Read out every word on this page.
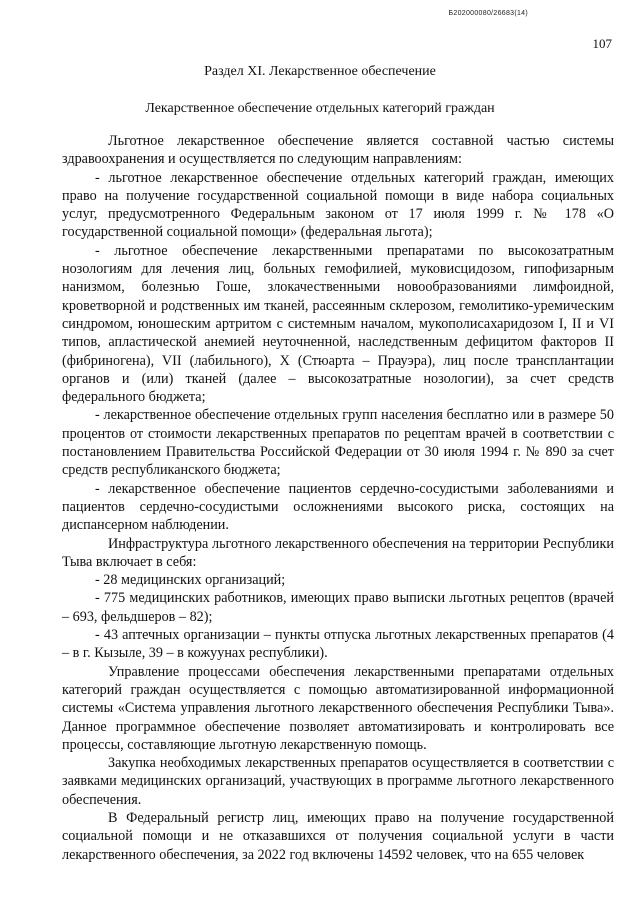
Б202000080/26683(14)
107
Раздел XI. Лекарственное обеспечение
Лекарственное обеспечение отдельных категорий граждан

Льготное лекарственное обеспечение является составной частью системы здравоохранения и осуществляется по следующим направлениям:

- льготное лекарственное обеспечение отдельных категорий граждан, имеющих право на получение государственной социальной помощи в виде набора социальных услуг, предусмотренного Федеральным законом от 17 июля 1999 г. № 178 «О государственной социальной помощи» (федеральная льгота);

- льготное обеспечение лекарственными препаратами по высокозатратным нозологиям для лечения лиц, больных гемофилией, муковисцидозом, гипофизарным нанизмом, болезнью Гоше, злокачественными новообразованиями лимфоидной, кроветворной и родственных им тканей, рассеянным склерозом, гемолитико-уремическим синдромом, юношеским артритом с системным началом, мукополисахаридозом I, II и VI типов, апластической анемией неуточненной, наследственным дефицитом факторов II (фибриногена), VII (лабильного), X (Стюарта – Прауэра), лиц после трансплантации органов и (или) тканей (далее – высокозатратные нозологии), за счет средств федерального бюджета;

- лекарственное обеспечение отдельных групп населения бесплатно или в размере 50 процентов от стоимости лекарственных препаратов по рецептам врачей в соответствии с постановлением Правительства Российской Федерации от 30 июля 1994 г. № 890 за счет средств республиканского бюджета;

- лекарственное обеспечение пациентов сердечно-сосудистыми заболеваниями и пациентов сердечно-сосудистыми осложнениями высокого риска, состоящих на диспансерном наблюдении.

Инфраструктура льготного лекарственного обеспечения на территории Республики Тыва включает в себя:

- 28 медицинских организаций;

- 775 медицинских работников, имеющих право выписки льготных рецептов (врачей – 693, фельдшеров – 82);

- 43 аптечных организации – пункты отпуска льготных лекарственных препаратов (4 – в г. Кызыле, 39 – в кожуунах республики).

Управление процессами обеспечения лекарственными препаратами отдельных категорий граждан осуществляется с помощью автоматизированной информационной системы «Система управления льготного лекарственного обеспечения Республики Тыва». Данное программное обеспечение позволяет автоматизировать и контролировать все процессы, составляющие льготную лекарственную помощь.

Закупка необходимых лекарственных препаратов осуществляется в соответствии с заявками медицинских организаций, участвующих в программе льготного лекарственного обеспечения.

В Федеральный регистр лиц, имеющих право на получение государственной социальной помощи и не отказавшихся от получения социальной услуги в части лекарственного обеспечения, за 2022 год включены 14592 человек, что на 655 человек
